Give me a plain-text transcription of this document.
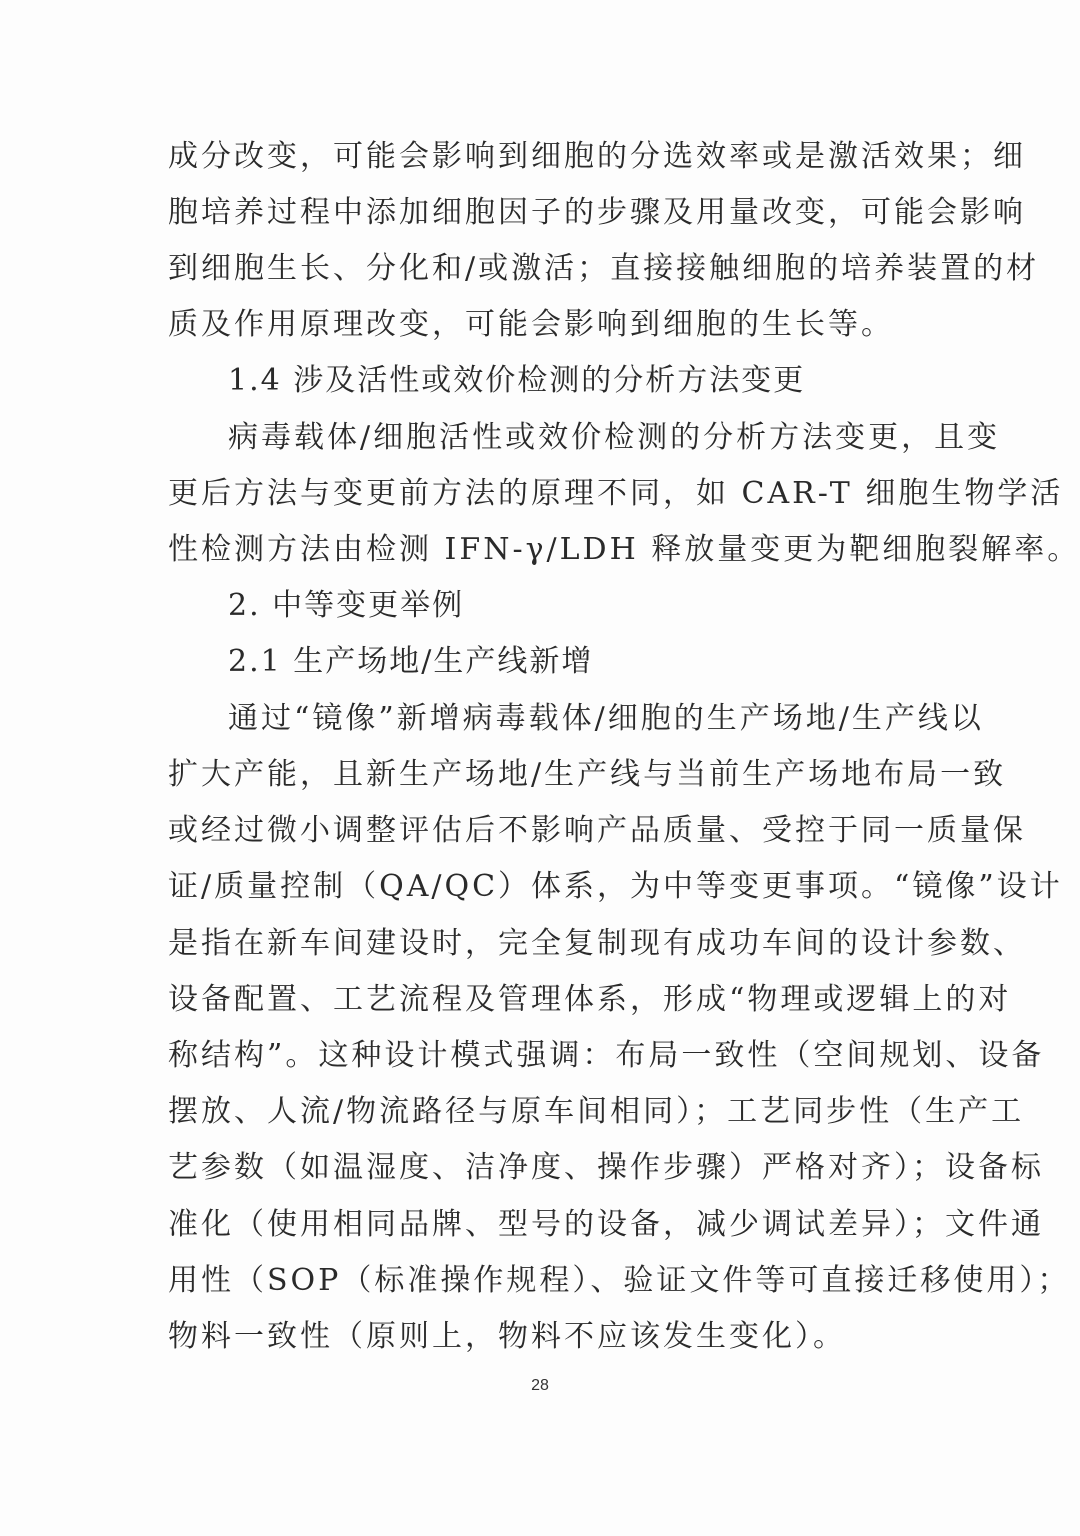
成分改变，可能会影响到细胞的分选效率或是激活效果；细
胞培养过程中添加细胞因子的步骤及用量改变，可能会影响
到细胞生长、分化和/或激活；直接接触细胞的培养装置的材
质及作用原理改变，可能会影响到细胞的生长等。
1.4 涉及活性或效价检测的分析方法变更
病毒载体/细胞活性或效价检测的分析方法变更，且变
更后方法与变更前方法的原理不同，如 CAR-T 细胞生物学活
性检测方法由检测 IFN-γ/LDH 释放量变更为靶细胞裂解率。
2. 中等变更举例
2.1 生产场地/生产线新增
通过“镜像”新增病毒载体/细胞的生产场地/生产线以
扩大产能，且新生产场地/生产线与当前生产场地布局一致
或经过微小调整评估后不影响产品质量、受控于同一质量保
证/质量控制（QA/QC）体系，为中等变更事项。“镜像”设计
是指在新车间建设时，完全复制现有成功车间的设计参数、
设备配置、工艺流程及管理体系，形成“物理或逻辑上的对
称结构”。这种设计模式强调：布局一致性（空间规划、设备
摆放、人流/物流路径与原车间相同）；工艺同步性（生产工
艺参数（如温湿度、洁净度、操作步骤）严格对齐）；设备标
准化（使用相同品牌、型号的设备，减少调试差异）；文件通
用性（SOP（标准操作规程）、验证文件等可直接迁移使用）；
物料一致性（原则上，物料不应该发生变化）。
28
